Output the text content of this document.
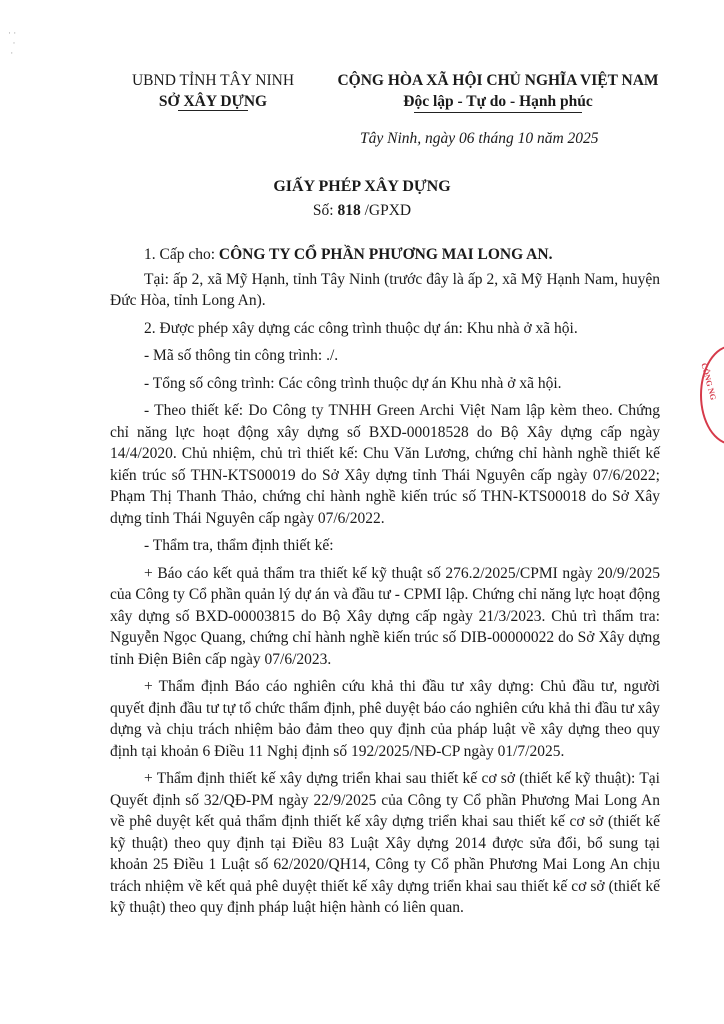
· ·
·
·
UBND TỈNH TÂY NINH
SỞ XÂY DỰNG
CỘNG HÒA XÃ HỘI CHỦ NGHĨA VIỆT NAM
Độc lập - Tự do - Hạnh phúc
Tây Ninh, ngày 06 tháng 10 năm 2025
GIẤY PHÉP XÂY DỰNG
Số: 818 /GPXD
CÔNG NG

1. Cấp cho: CÔNG TY CỔ PHẦN PHƯƠNG MAI LONG AN.

Tại: ấp 2, xã Mỹ Hạnh, tỉnh Tây Ninh (trước đây là ấp 2, xã Mỹ Hạnh Nam, huyện Đức Hòa, tỉnh Long An).

2. Được phép xây dựng các công trình thuộc dự án: Khu nhà ở xã hội.

- Mã số thông tin công trình: ./.

- Tổng số công trình: Các công trình thuộc dự án Khu nhà ở xã hội.

- Theo thiết kế: Do Công ty TNHH Green Archi Việt Nam lập kèm theo. Chứng chỉ năng lực hoạt động xây dựng số BXD-00018528 do Bộ Xây dựng cấp ngày 14/4/2020. Chủ nhiệm, chủ trì thiết kế: Chu Văn Lương, chứng chỉ hành nghề thiết kế kiến trúc số THN-KTS00019 do Sở Xây dựng tỉnh Thái Nguyên cấp ngày 07/6/2022; Phạm Thị Thanh Thảo, chứng chỉ hành nghề kiến trúc số THN-KTS00018 do Sở Xây dựng tỉnh Thái Nguyên cấp ngày 07/6/2022.

- Thẩm tra, thẩm định thiết kế:

+ Báo cáo kết quả thẩm tra thiết kế kỹ thuật số 276.2/2025/CPMI ngày 20/9/2025 của Công ty Cổ phần quản lý dự án và đầu tư - CPMI lập. Chứng chỉ năng lực hoạt động xây dựng số BXD-00003815 do Bộ Xây dựng cấp ngày 21/3/2023. Chủ trì thẩm tra: Nguyễn Ngọc Quang, chứng chỉ hành nghề kiến trúc số DIB-00000022 do Sở Xây dựng tỉnh Điện Biên cấp ngày 07/6/2023.

+ Thẩm định Báo cáo nghiên cứu khả thi đầu tư xây dựng: Chủ đầu tư, người quyết định đầu tư tự tổ chức thẩm định, phê duyệt báo cáo nghiên cứu khả thi đầu tư xây dựng và chịu trách nhiệm bảo đảm theo quy định của pháp luật về xây dựng theo quy định tại khoản 6 Điều 11 Nghị định số 192/2025/NĐ-CP ngày 01/7/2025.

+ Thẩm định thiết kế xây dựng triển khai sau thiết kế cơ sở (thiết kế kỹ thuật): Tại Quyết định số 32/QĐ-PM ngày 22/9/2025 của Công ty Cổ phần Phương Mai Long An về phê duyệt kết quả thẩm định thiết kế xây dựng triển khai sau thiết kế cơ sở (thiết kế kỹ thuật) theo quy định tại Điều 83 Luật Xây dựng 2014 được sửa đổi, bổ sung tại khoản 25 Điều 1 Luật số 62/2020/QH14, Công ty Cổ phần Phương Mai Long An chịu trách nhiệm về kết quả phê duyệt thiết kế xây dựng triển khai sau thiết kế cơ sở (thiết kế kỹ thuật) theo quy định pháp luật hiện hành có liên quan.
